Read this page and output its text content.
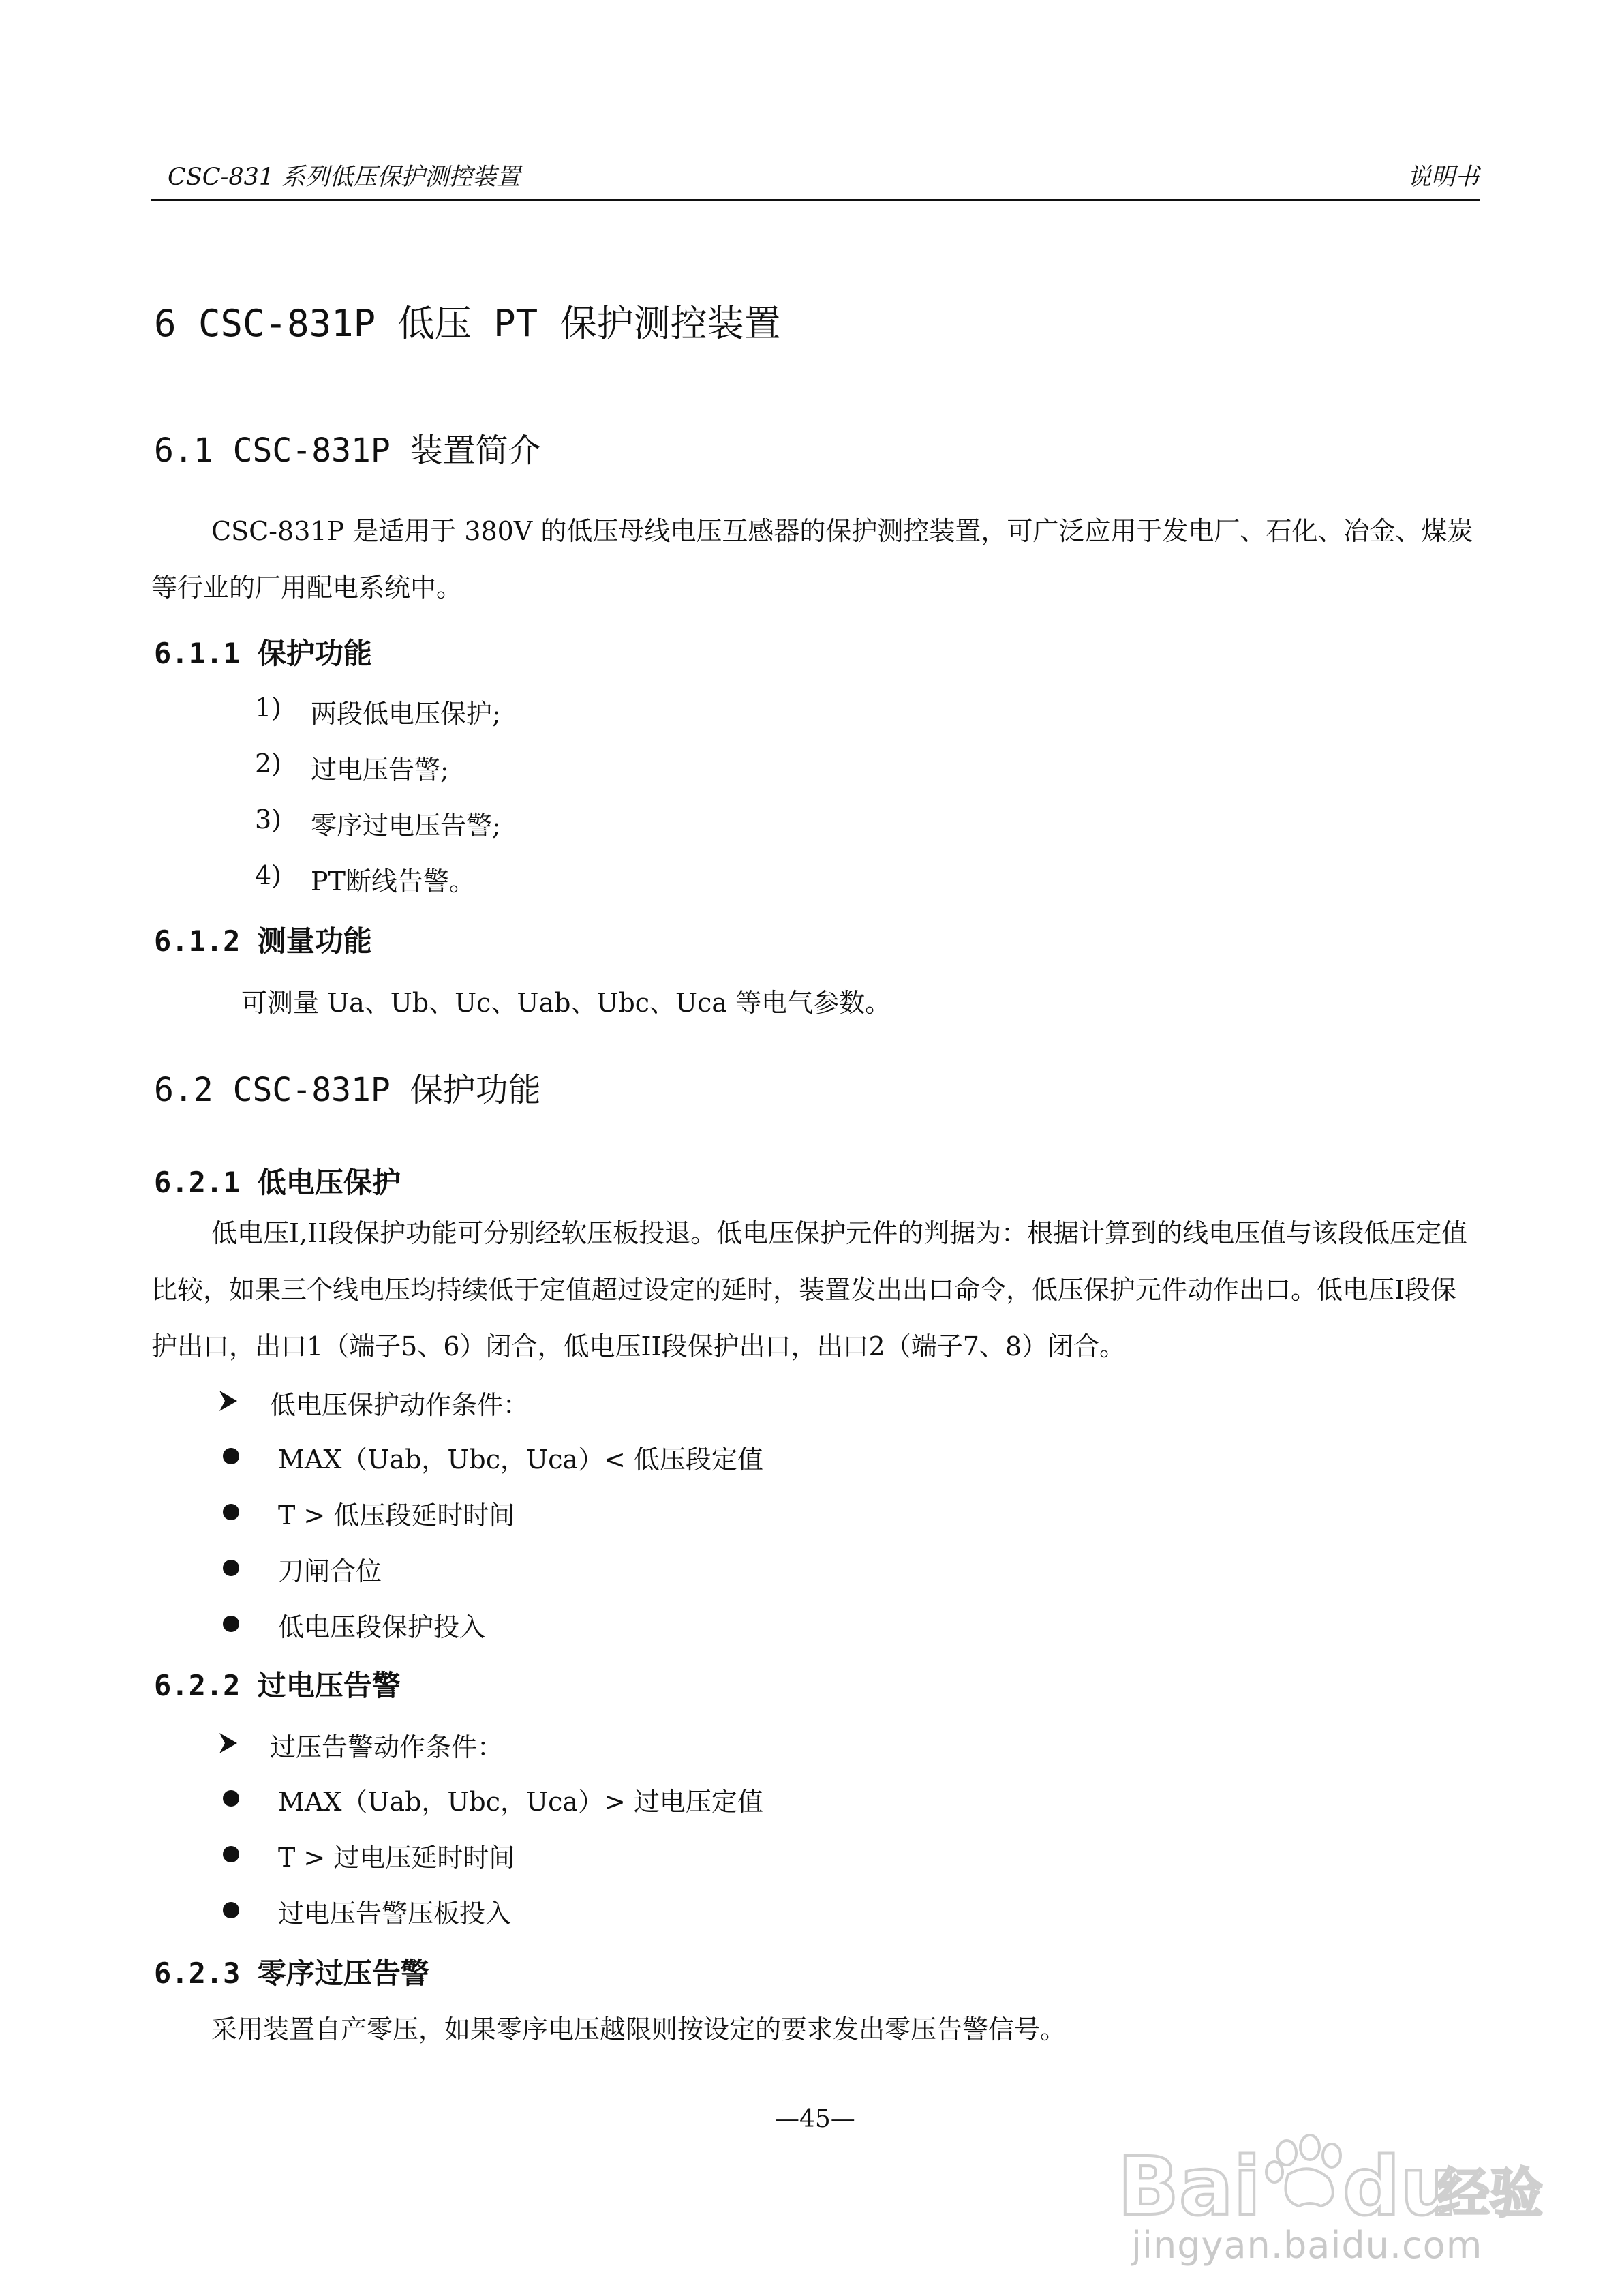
CSC-831 系列低压保护测控装置	说明书
6 CSC-831P 低压 PT 保护测控装置
6.1 CSC-831P 装置简介
CSC-831P 是适用于 380V 的低压母线电压互感器的保护测控装置，可广泛应用于发电厂、石化、冶金、煤炭等行业的厂用配电系统中。
6.1.1 保护功能
1) 两段低电压保护;
2) 过电压告警;
3) 零序过电压告警;
4) PT断线告警。
6.1.2 测量功能
可测量 Ua、Ub、Uc、Uab、Ubc、Uca 等电气参数。
6.2 CSC-831P 保护功能
6.2.1 低电压保护
低电压I,II段保护功能可分别经软压板投退。低电压保护元件的判据为：根据计算到的线电压值与该段低压定值比较，如果三个线电压均持续低于定值超过设定的延时，装置发出出口命令，低压保护元件动作出口。低电压I段保护出口，出口1（端子5、6）闭合，低电压II段保护出口，出口2（端子7、8）闭合。
低电压保护动作条件：
MAX（Uab，Ubc，Uca）< 低压段定值
T > 低压段延时时间
刀闸合位
低电压段保护投入
6.2.2 过电压告警
过压告警动作条件：
MAX（Uab，Ubc，Uca）> 过电压定值
T > 过电压延时时间
过电压告警压板投入
6.2.3 零序过压告警
采用装置自产零压，如果零序电压越限则按设定的要求发出零压告警信号。
—45—
Bai du
经验
jingyan.baidu.com
